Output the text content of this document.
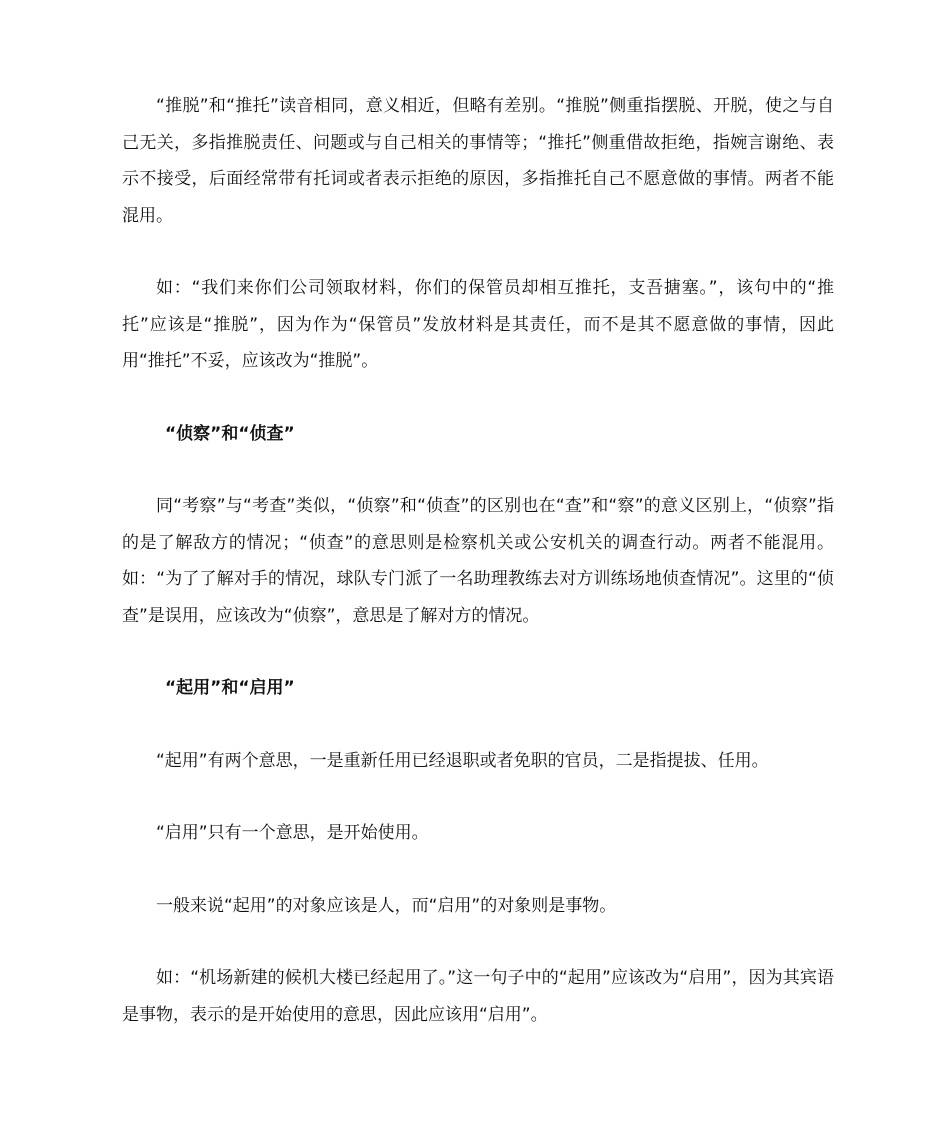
“推脱”和“推托”读音相同，意义相近，但略有差别。“推脱”侧重指摆脱、开脱，使之与自己无关，多指推脱责任、问题或与自己相关的事情等；“推托”侧重借故拒绝，指婉言谢绝、表示不接受，后面经常带有托词或者表示拒绝的原因，多指推托自己不愿意做的事情。两者不能混用。

如：“我们来你们公司领取材料，你们的保管员却相互推托，支吾搪塞。”，该句中的“推托”应该是“推脱”，因为作为“保管员”发放材料是其责任，而不是其不愿意做的事情，因此用“推托”不妥，应该改为“推脱”。

“侦察”和“侦查”

同“考察”与“考查”类似，“侦察”和“侦查”的区别也在“查”和“察”的意义区别上，“侦察”指的是了解敌方的情况；“侦查”的意思则是检察机关或公安机关的调查行动。两者不能混用。如：“为了了解对手的情况，球队专门派了一名助理教练去对方训练场地侦查情况”。这里的“侦查”是误用，应该改为“侦察”，意思是了解对方的情况。

“起用”和“启用”

“起用”有两个意思，一是重新任用已经退职或者免职的官员，二是指提拔、任用。

“启用”只有一个意思，是开始使用。

一般来说“起用”的对象应该是人，而“启用”的对象则是事物。

如：“机场新建的候机大楼已经起用了。”这一句子中的“起用”应该改为“启用”，因为其宾语是事物，表示的是开始使用的意思，因此应该用“启用”。
